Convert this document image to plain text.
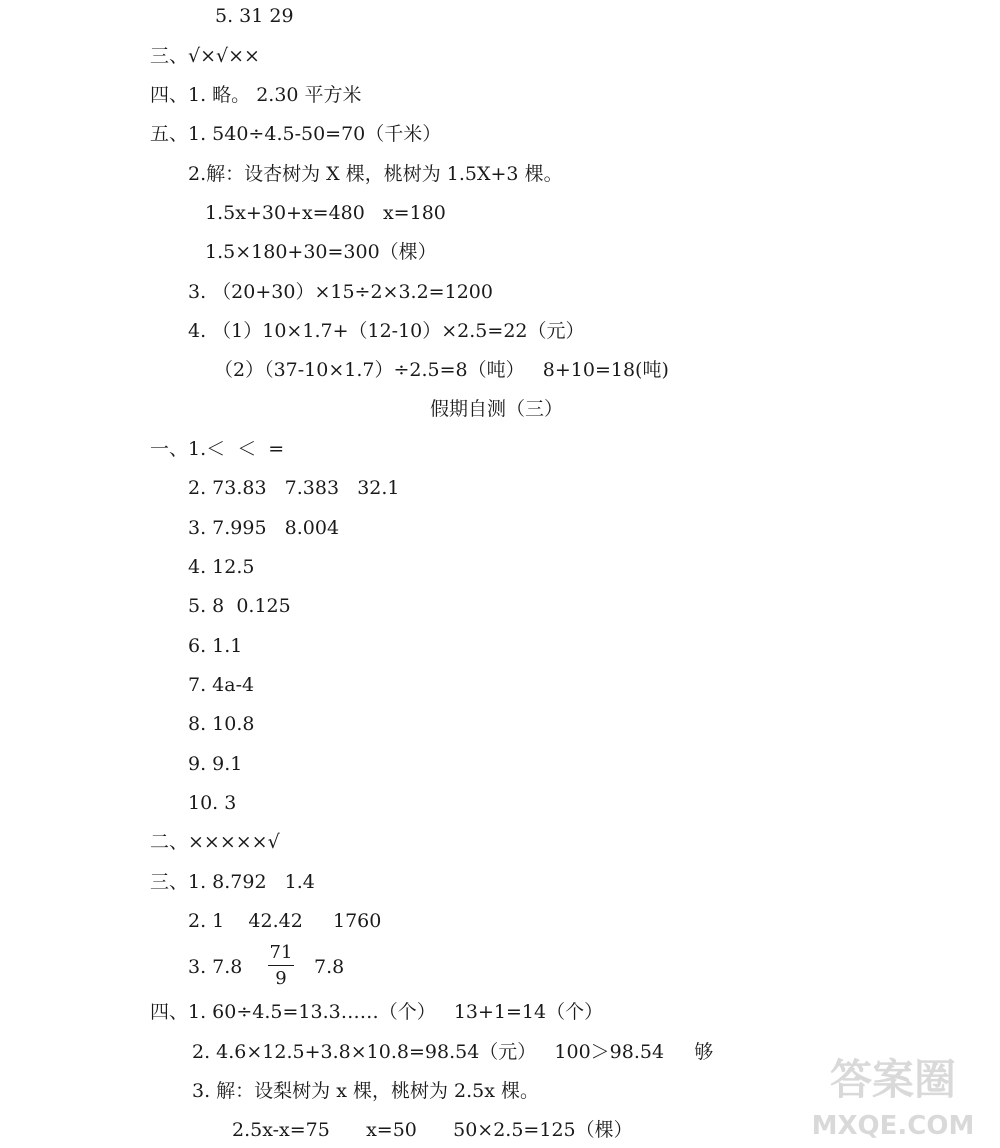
5. 31 29
三、√×√××
四、1. 略。 2.30 平方米
五、1. 540÷4.5-50=70（千米）
2.解：设杏树为 X 棵，桃树为 1.5X+3 棵。
1.5x+30+x=480   x=180
1.5×180+30=300（棵）
3. （20+30）×15÷2×3.2=1200
4. （1）10×1.7+（12-10）×2.5=22（元）
（2）（37-10×1.7）÷2.5=8（吨）   8+10=18(吨)
假期自测（三）
一、1.＜  ＜  =
2. 73.83   7.383   32.1
3. 7.995   8.004
4. 12.5
5. 8  0.125
6. 1.1
7. 4a-4
8. 10.8
9. 9.1
10. 3
二、×××××√
三、1. 8.792   1.4
2. 1    42.42     1760
3. 7.8
71
9
7.8
四、1. 60÷4.5=13.3……（个）   13+1=14（个）
2. 4.6×12.5+3.8×10.8=98.54（元）   100＞98.54     够
3. 解：设梨树为 x 棵，桃树为 2.5x 棵。
2.5x-x=75      x=50      50×2.5=125（棵）
答案圈
MXQE.COM
